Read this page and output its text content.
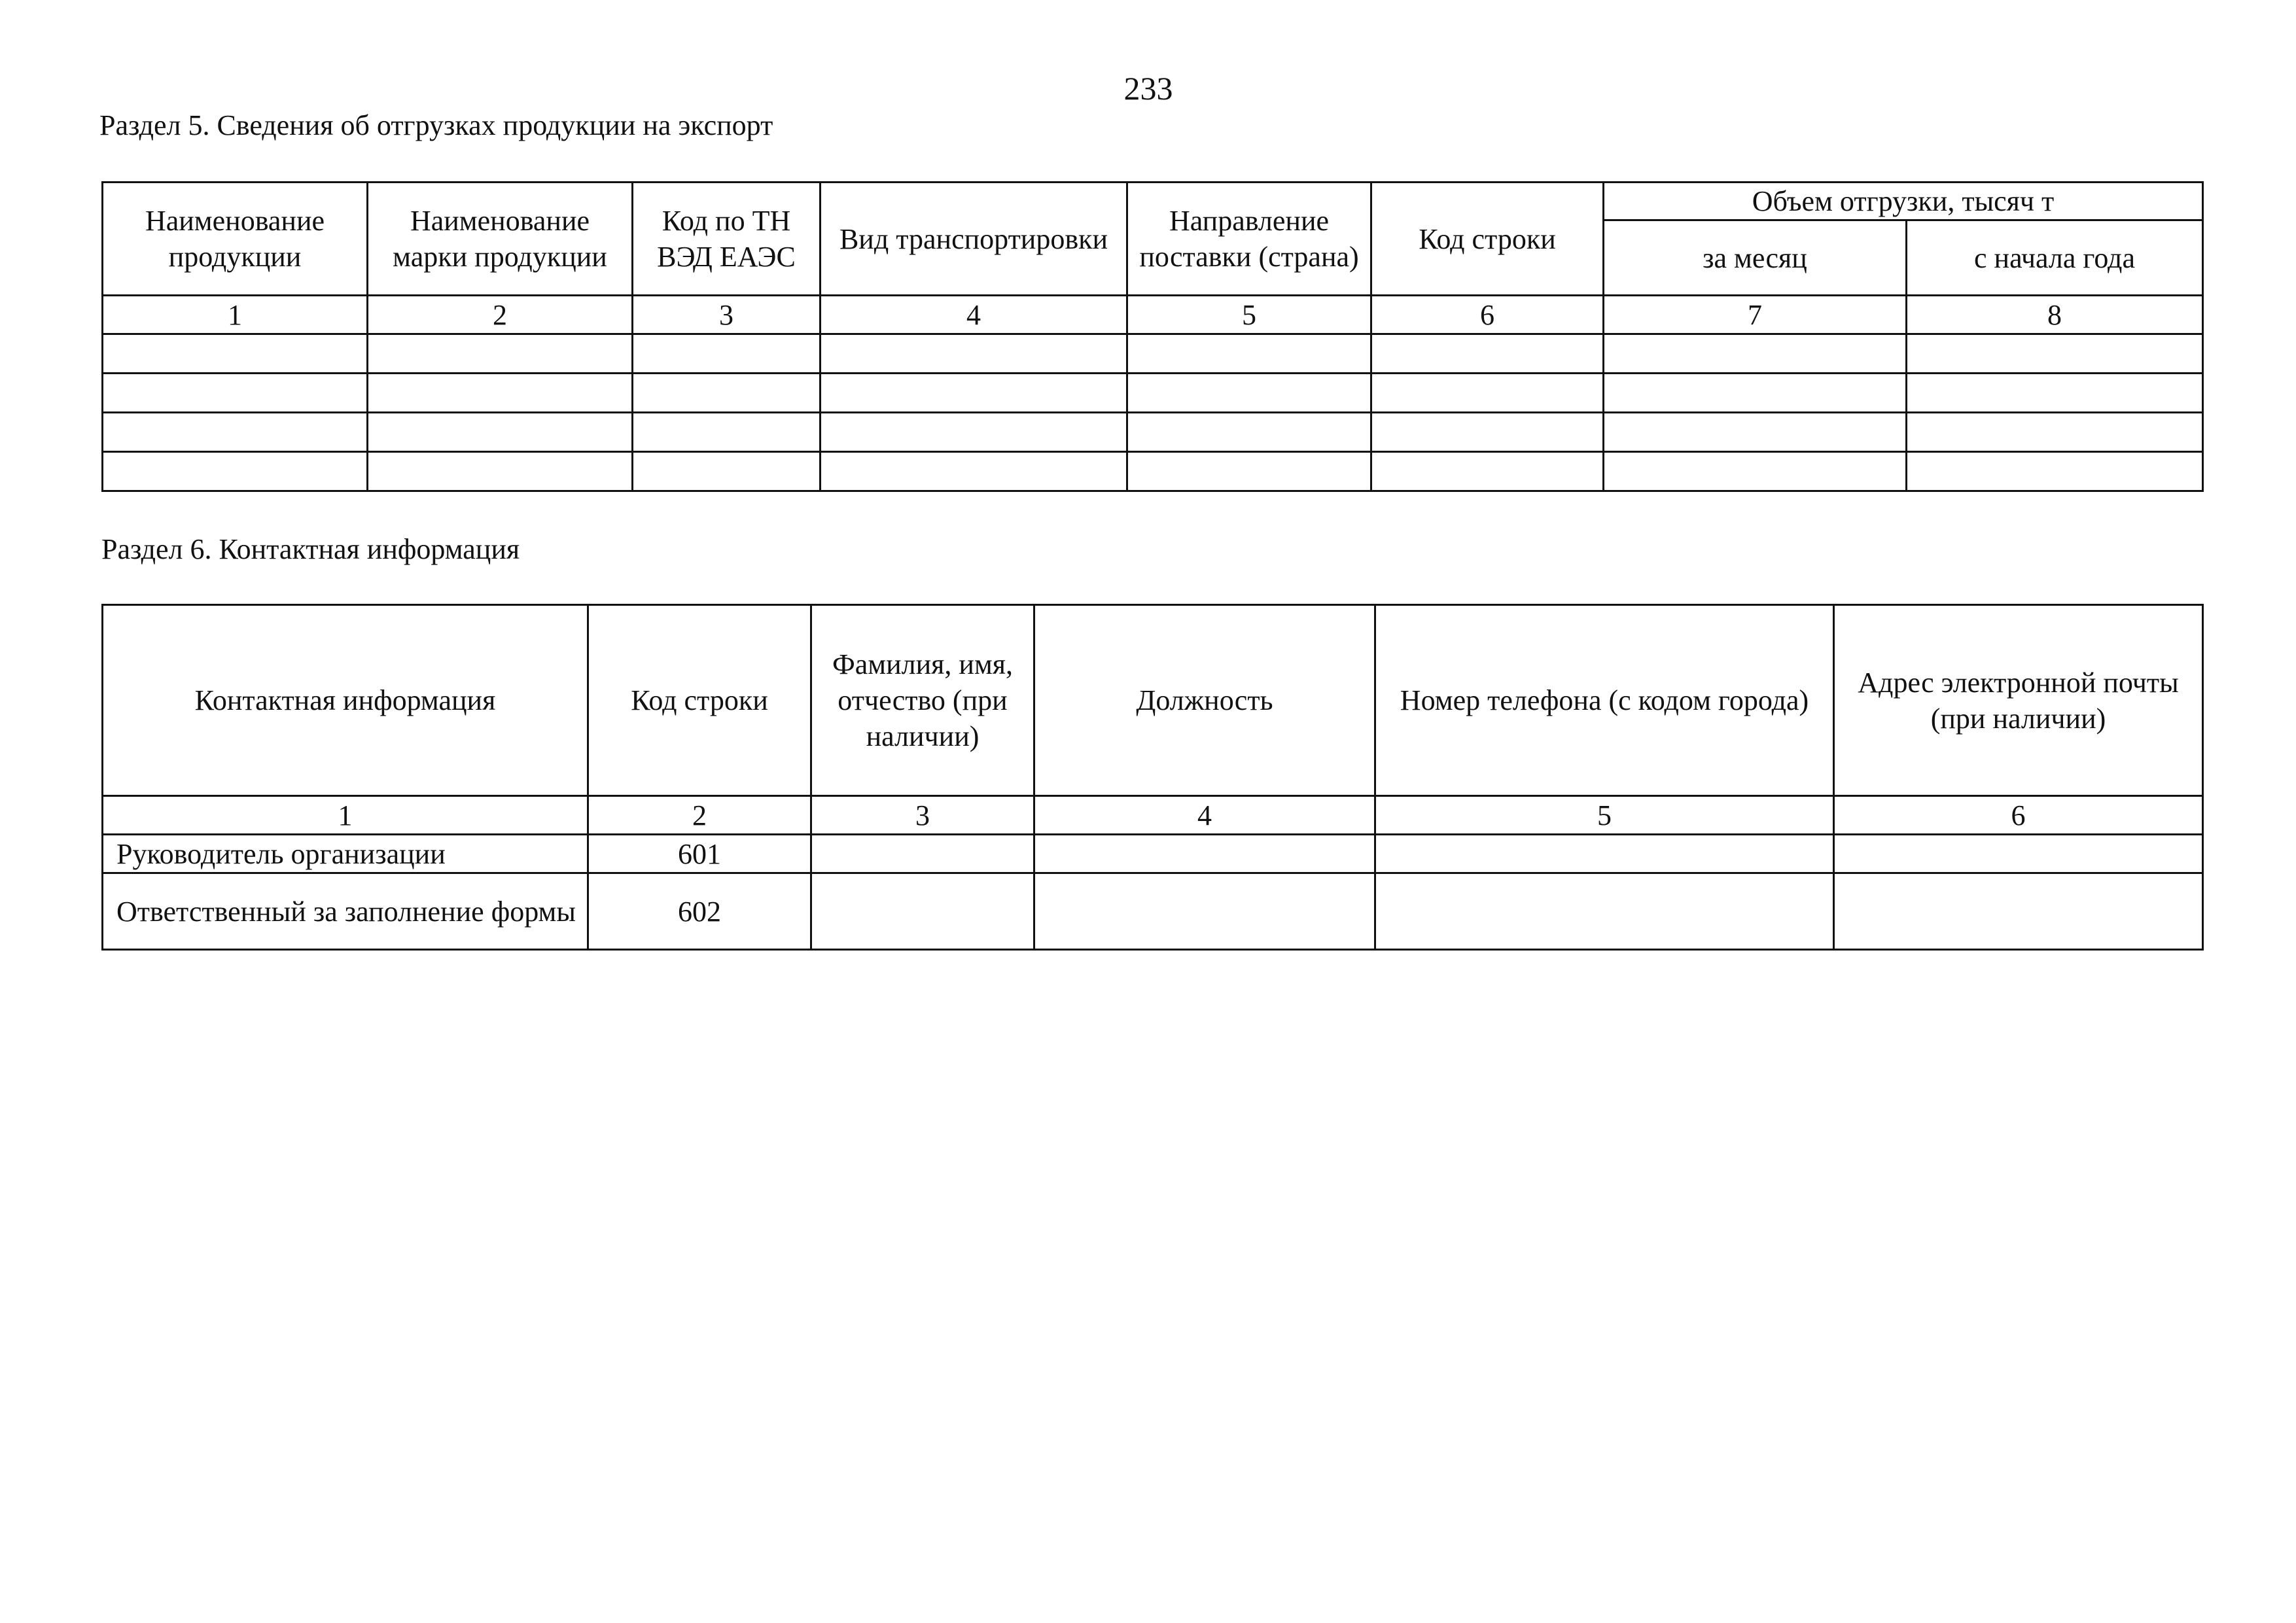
233
Раздел 5. Сведения об отгрузках продукции на экспорт
Наименование продукции	Наименование марки продукции	Код по ТН ВЭД ЕАЭС	Вид транспортировки	Направление поставки (страна)	Код строки	Объем отгрузки, тысяч т	
						за месяц	с начала года
1	2	3	4	5	6	7	8

Раздел 6. Контактная информация
Контактная информация	Код строки	Фамилия, имя, отчество (при наличии)	Должность	Номер телефона (с кодом города)	Адрес электронной почты (при наличии)
1	2	3	4	5	6
Руководитель организации	601				
Ответственный за заполнение формы	602				
